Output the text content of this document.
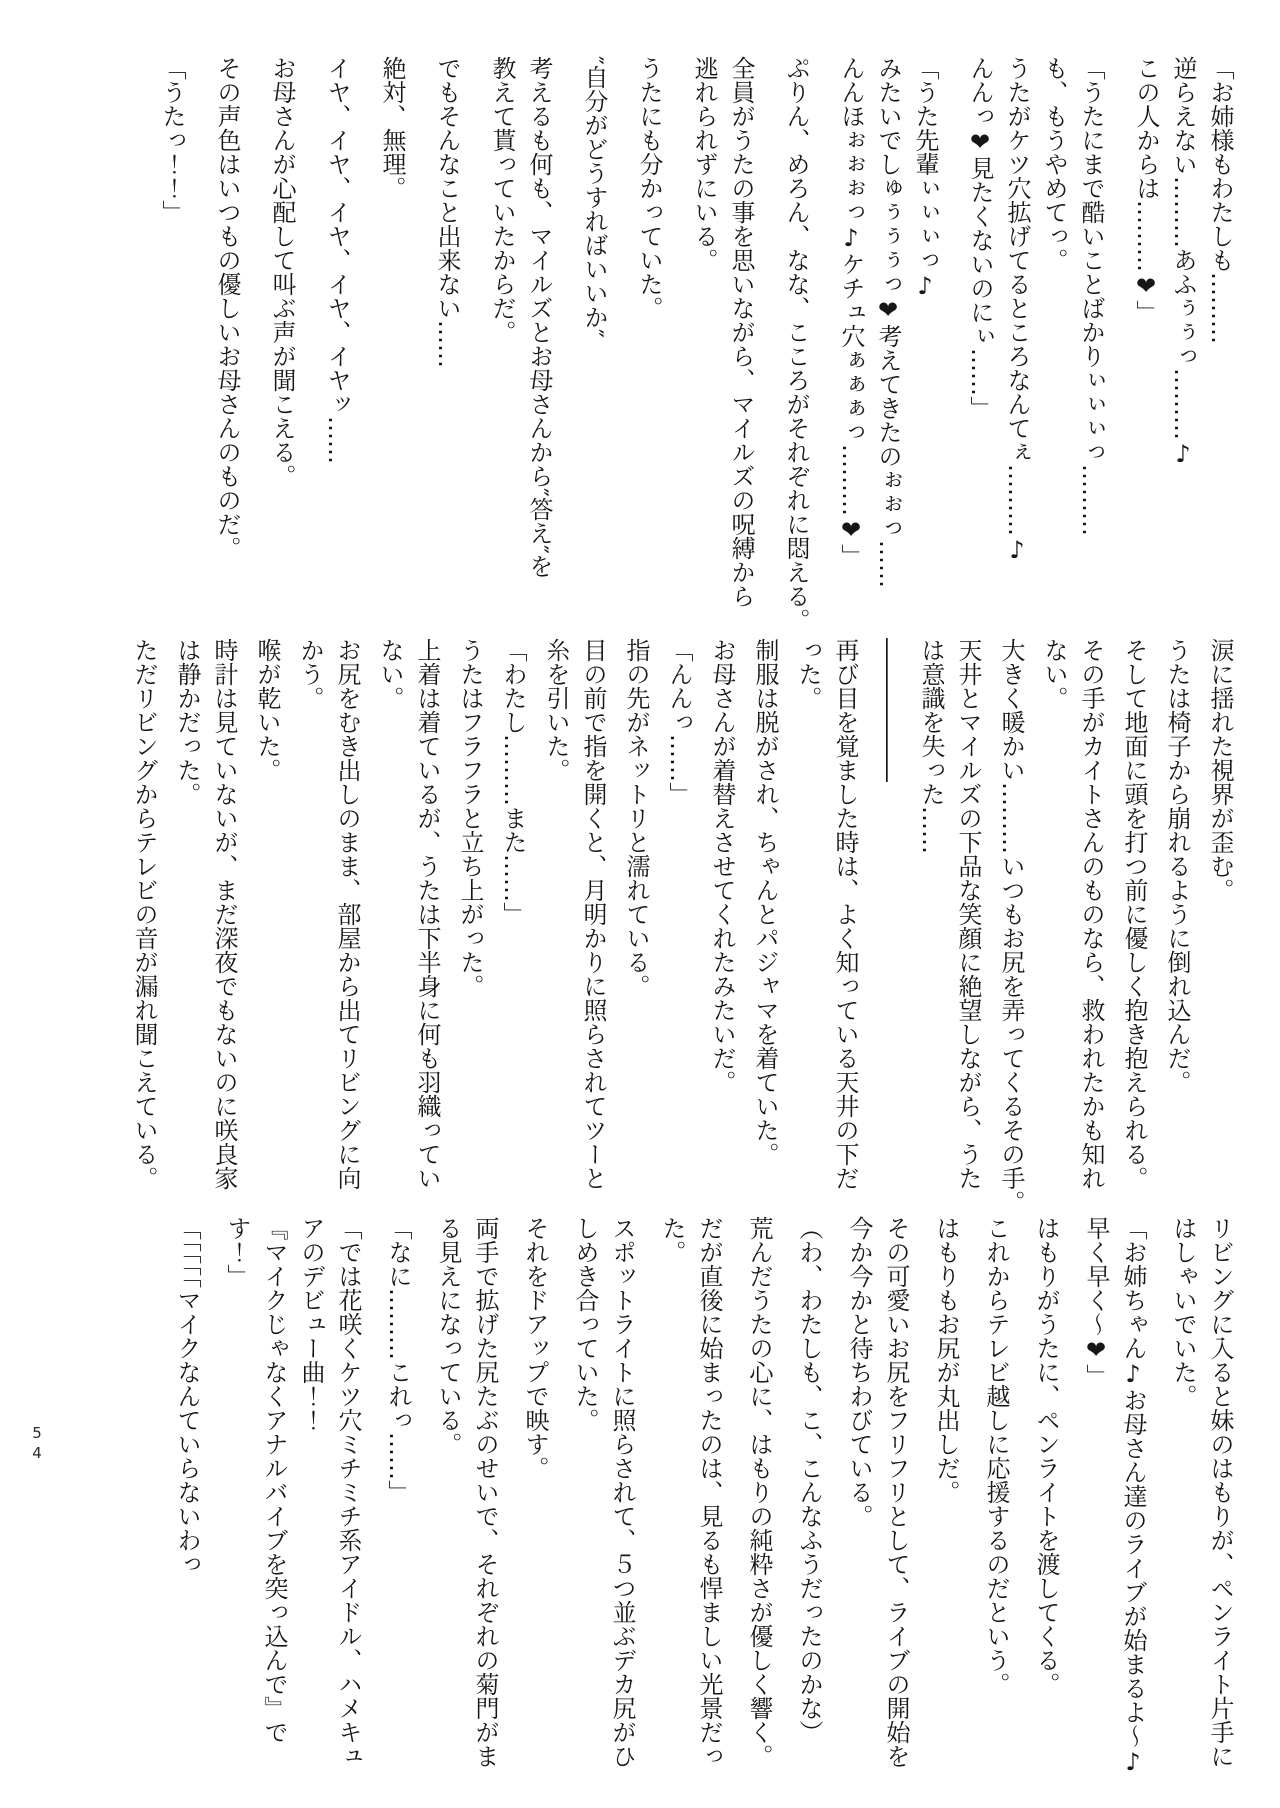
「お姉様もわたしも………

逆らえない………あふぅぅっ………♪

この人からは………❤」

「うたにまで酷いことばかりぃぃぃっ………

も、もうやめてっ。

うたがケツ穴拡げてるところなんてぇ………♪

んんっ❤見たくないのにぃ……」

「うた先輩ぃぃぃっ♪

みたいでしゅぅぅぅっ❤考えてきたのぉぉっ……

んんほぉぉぉっ♪ケチュ穴ぁぁぁっ………❤」

ぷりん、めろん、なな、こころがそれぞれに悶える。

全員がうたの事を思いながら、マイルズの呪縛から

逃れられずにいる。

うたにも分かっていた。

″自分がどうすればいいか″

考えるも何も、マイルズとお母さんから″答え″を

教えて貰っていたからだ。

でもそんなこと出来ない……

絶対、無理。

イヤ、イヤ、イヤ、イヤ、イヤッ……

お母さんが心配して叫ぶ声が聞こえる。

その声色はいつもの優しいお母さんのものだ。

「うたっ！！」

涙に揺れた視界が歪む。

うたは椅子から崩れるように倒れ込んだ。

そして地面に頭を打つ前に優しく抱き抱えられる。

その手がカイトさんのものなら、救われたかも知れ

ない。

大きく暖かい………いつもお尻を弄ってくるその手。

天井とマイルズの下品な笑顔に絶望しながら、うた

は意識を失った……

――――――

再び目を覚ました時は、よく知っている天井の下だ

った。

制服は脱がされ、ちゃんとパジャマを着ていた。

お母さんが着替えさせてくれたみたいだ。

「んんっ……」

指の先がネットリと濡れている。

目の前で指を開くと、月明かりに照らされてツーと

糸を引いた。

「わたし………また……」

うたはフラフラと立ち上がった。

上着は着ているが、うたは下半身に何も羽織ってい

ない。

お尻をむき出しのまま、部屋から出てリビングに向

かう。

喉が乾いた。

時計は見ていないが、まだ深夜でもないのに咲良家

は静かだった。

ただリビングからテレビの音が漏れ聞こえている。

リビングに入ると妹のはもりが、ペンライト片手に

はしゃいでいた。

「お姉ちゃん♪お母さん達のライブが始まるよ〜♪

早く早く〜❤」

はもりがうたに、ペンライトを渡してくる。

これからテレビ越しに応援するのだという。

はもりもお尻が丸出しだ。

その可愛いお尻をフリフリとして、ライブの開始を

今か今かと待ちわびている。

（わ、わたしも、こ、こんなふうだったのかな）

荒んだうたの心に、はもりの純粋さが優しく響く。

だが直後に始まったのは、見るも悍ましい光景だっ

た。

スポットライトに照らされて、５つ並ぶデカ尻がひ

しめき合っていた。

それをドアップで映す。

両手で拡げた尻たぶのせいで、それぞれの菊門がま

る見えになっている。

「なに………これっ……」

「では花咲くケツ穴ミチミチ系アイドル、ハメキュ

アのデビュー曲！！

『マイクじゃなくアナルバイブを突っ込んで』で

す！」

「「「「「マイクなんていらないわっ

54
